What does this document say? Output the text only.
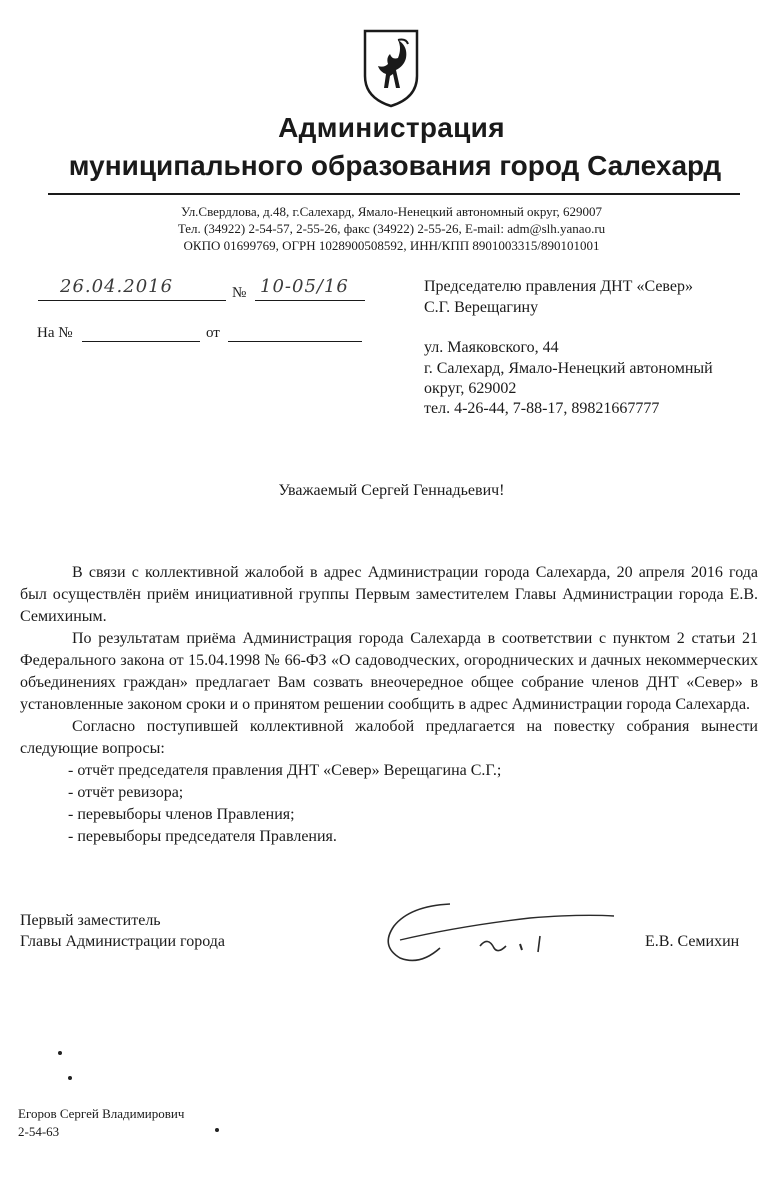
Администрация
муниципального образования город Салехард
Ул.Свердлова, д.48, г.Салехард, Ямало-Ненецкий автономный округ, 629007
Тел. (34922) 2-54-57, 2-55-26, факс (34922) 2-55-26, E-mail: adm@slh.yanao.ru
ОКПО 01699769, ОГРН 1028900508592, ИНН/КПП 8901003315/890101001
26.04.2016	№ 10-05/16
На №	от
Председателю правления ДНТ «Север»
С.Г. Верещагину
ул. Маяковского, 44
г. Салехард, Ямало-Ненецкий автономный
округ, 629002
тел. 4-26-44, 7-88-17, 89821667777
Уважаемый Сергей Геннадьевич!

В связи с коллективной жалобой в адрес Администрации города Салехарда, 20 апреля 2016 года был осуществлён приём инициативной группы Первым заместителем Главы Администрации города Е.В. Семихиным.

По результатам приёма Администрация города Салехарда в соответствии с пунктом 2 статьи 21 Федерального закона от 15.04.1998 № 66-ФЗ «О садоводческих, огороднических и дачных некоммерческих объединениях граждан» предлагает Вам созвать внеочередное общее собрание членов ДНТ «Север» в установленные законом сроки и о принятом решении сообщить в адрес Администрации города Салехарда.

Согласно поступившей коллективной жалобой предлагается на повестку собрания вынести следующие вопросы:

- отчёт председателя правления ДНТ «Север» Верещагина С.Г.;
- отчёт ревизора;
- перевыборы членов Правления;
- перевыборы председателя Правления.
Первый заместитель
Главы Администрации города	Е.В. Семихин
Егоров Сергей Владимирович
2-54-63
